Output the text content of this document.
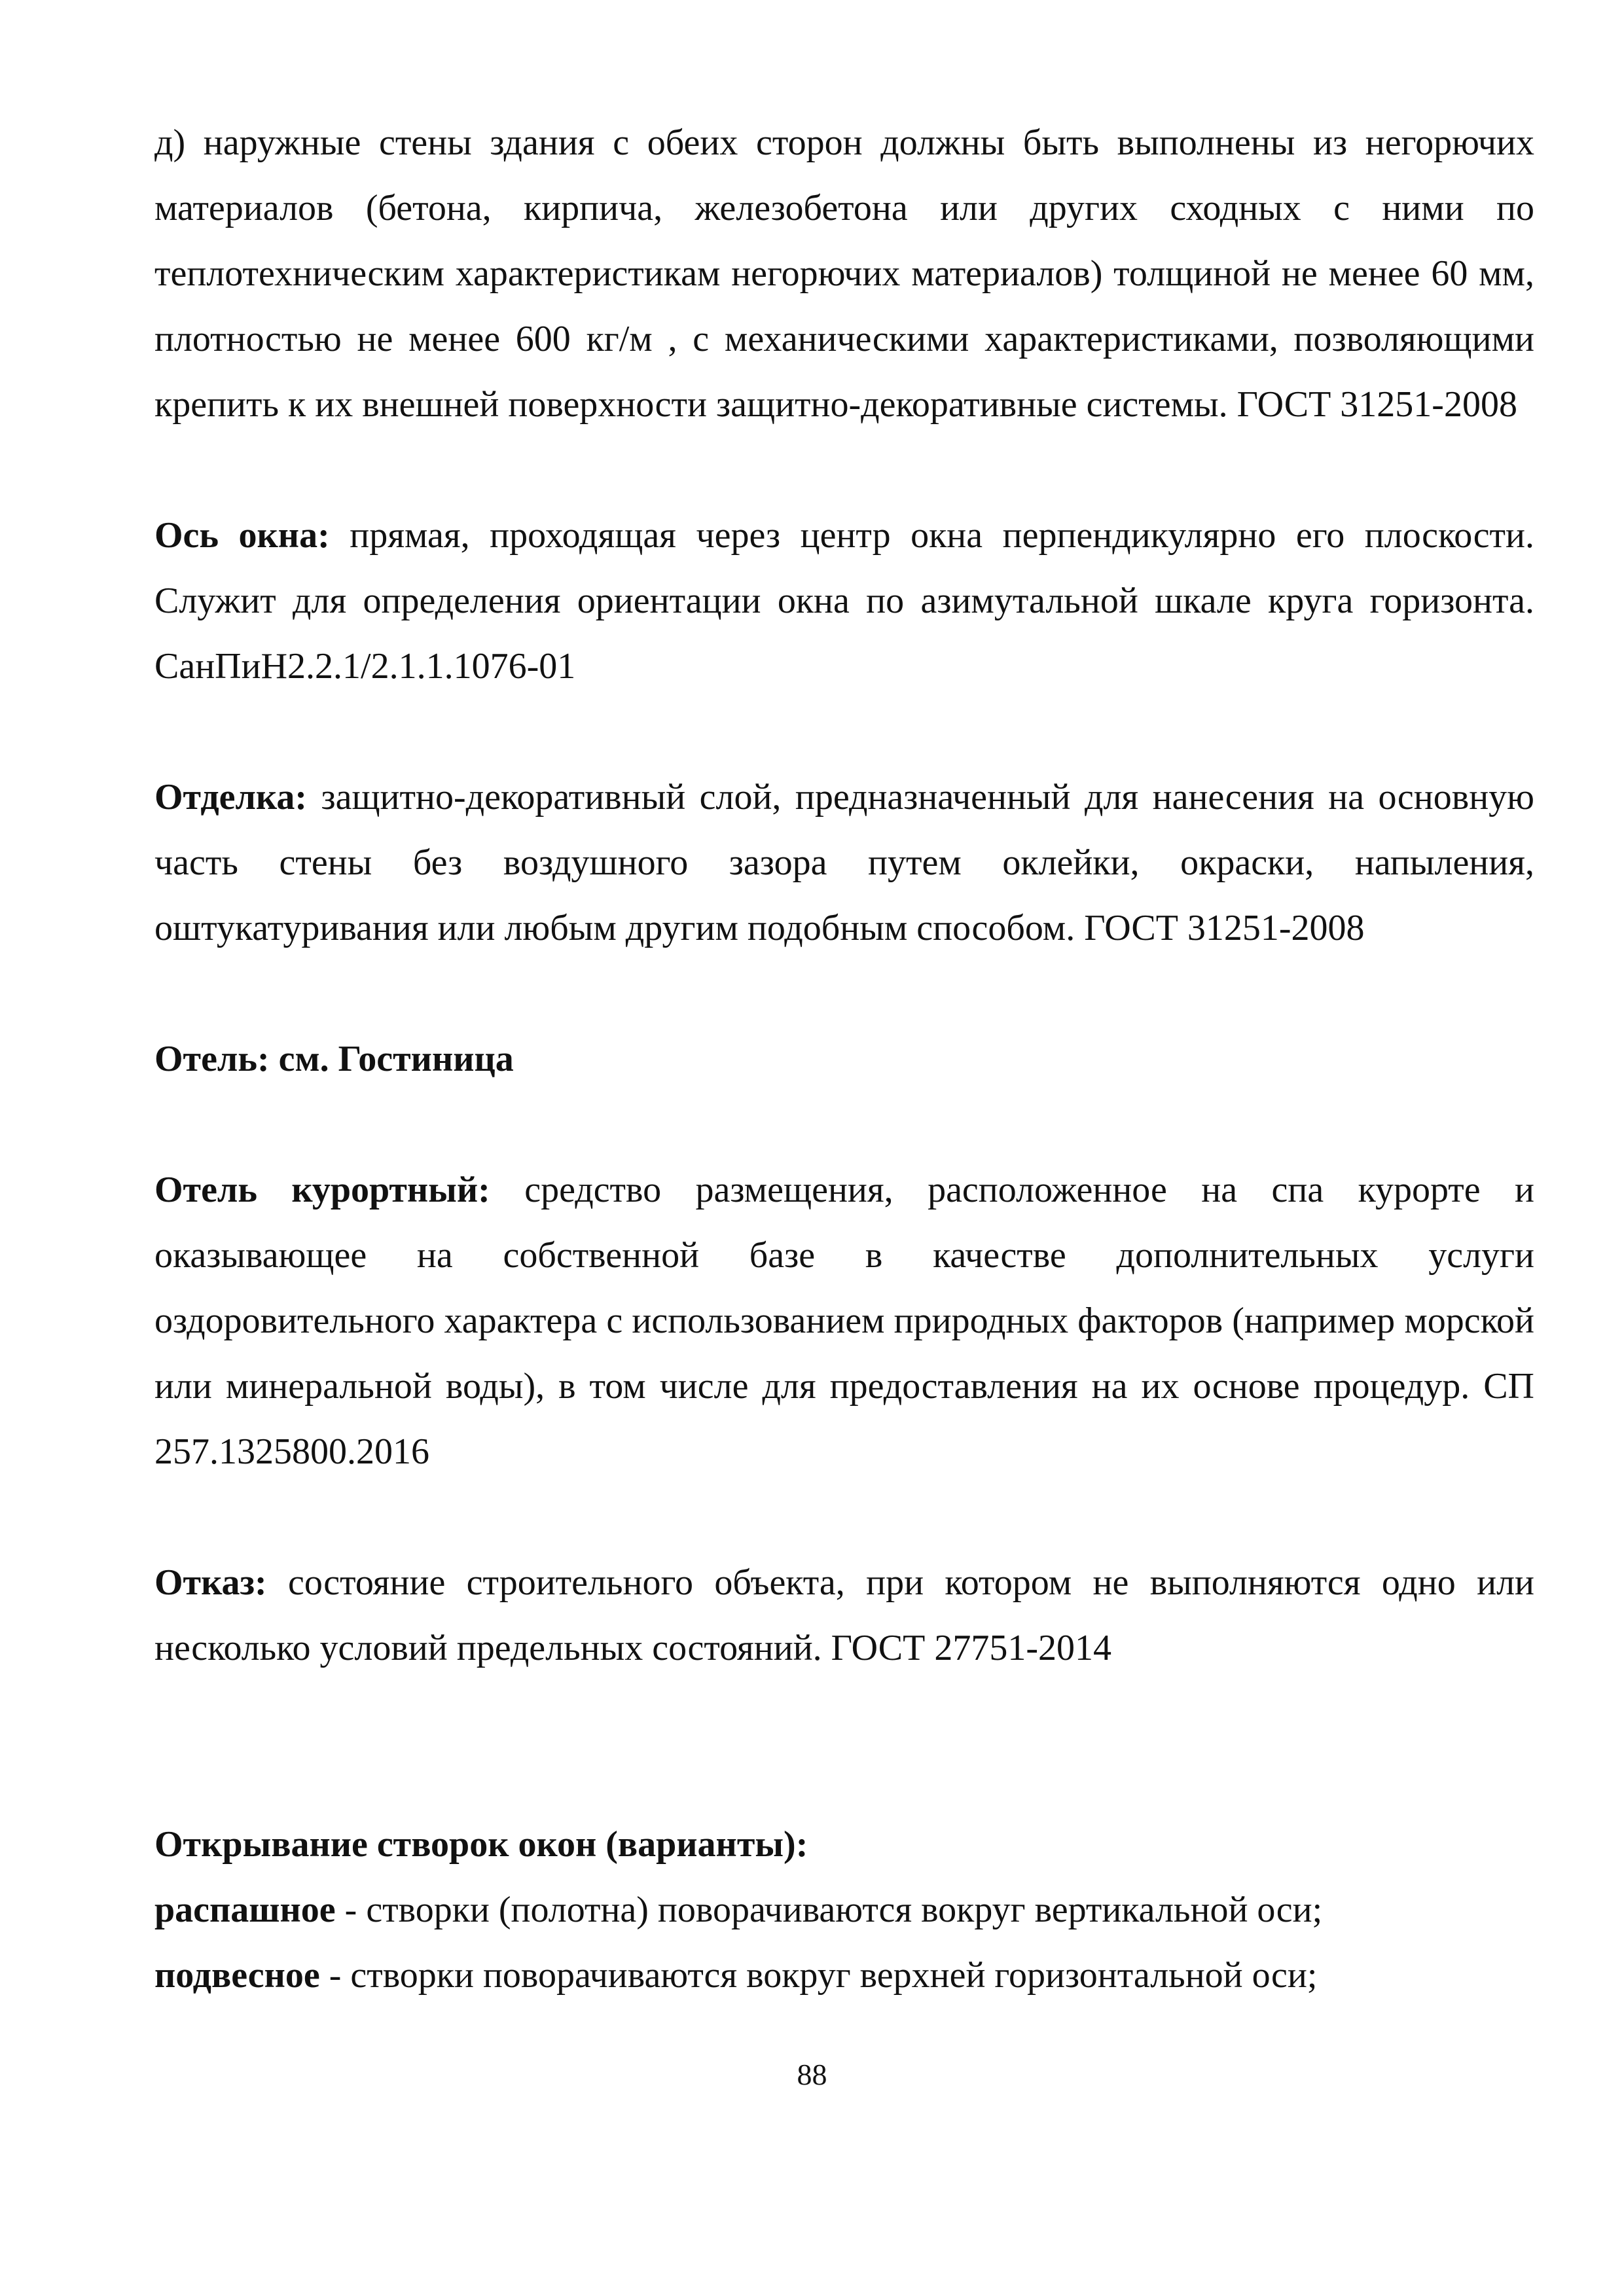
д) наружные стены здания с обеих сторон должны быть выполнены из негорючих материалов (бетона, кирпича, железобетона или других сходных с ними по теплотехническим характеристикам негорючих материалов) толщиной не менее 60 мм, плотностью не менее 600 кг/м , с механическими характеристиками, позволяющими крепить к их внешней поверхности защитно-декоративные системы. ГОСТ 31251-2008

Ось окна: прямая, проходящая через центр окна перпендикулярно его плоскости. Служит для определения ориентации окна по азимутальной шкале круга горизонта. СанПиН2.2.1/2.1.1.1076-01

Отделка: защитно-декоративный слой, предназначенный для нанесения на основную часть стены без воздушного зазора путем оклейки, окраски, напыления, оштукатуривания или любым другим подобным способом. ГОСТ 31251-2008

Отель: см. Гостиница

Отель курортный: средство размещения, расположенное на спа курорте и оказывающее на собственной базе в качестве дополнительных услуги оздоровительного характера с использованием природных факторов (например морской или минеральной воды), в том числе для предоставления на их основе процедур. СП 257.1325800.2016

Отказ: состояние строительного объекта, при котором не выполняются одно или несколько условий предельных состояний. ГОСТ 27751-2014

Открывание створок окон (варианты):

распашное - створки (полотна) поворачиваются вокруг вертикальной оси;

подвесное - створки поворачиваются вокруг верхней горизонтальной оси;

88
